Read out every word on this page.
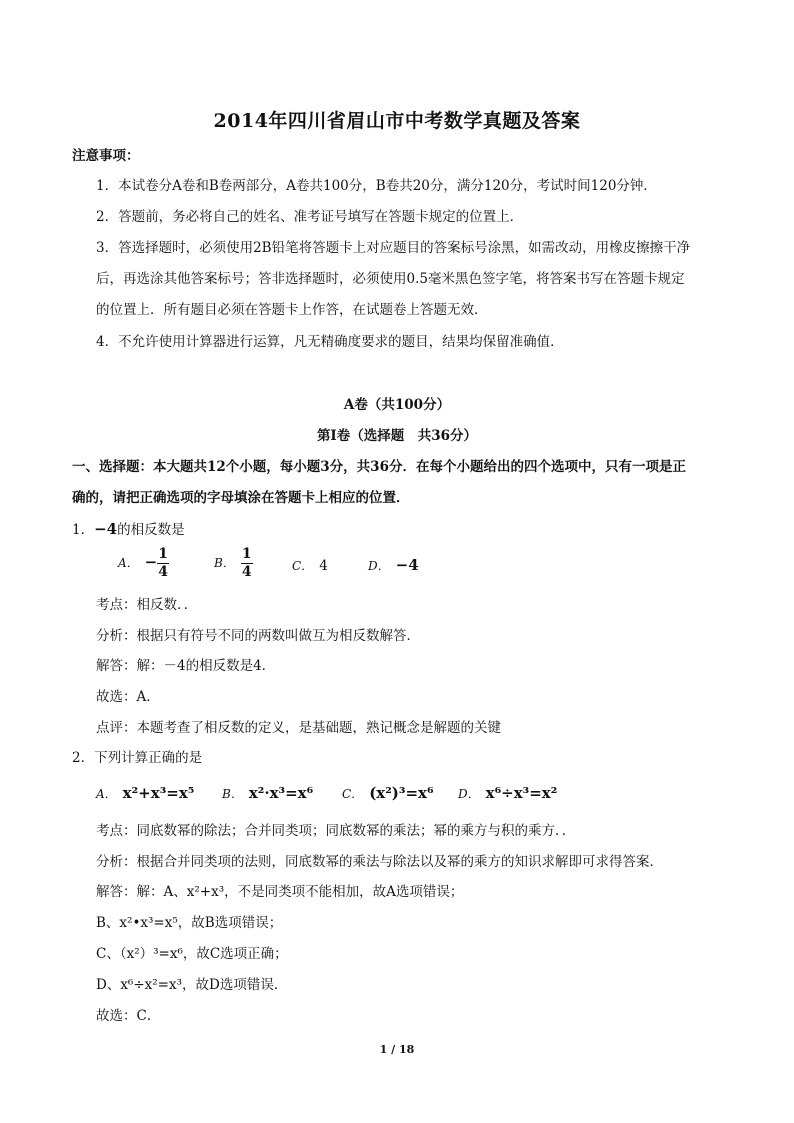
2014年四川省眉山市中考数学真题及答案
注意事项：
1．本试卷分A卷和B卷两部分，A卷共100分，B卷共20分，满分120分，考试时间120分钟．
2．答题前，务必将自己的姓名、准考证号填写在答题卡规定的位置上．
3．答选择题时，必须使用2B铅笔将答题卡上对应题目的答案标号涂黑，如需改动，用橡皮擦擦干净
后，再选涂其他答案标号；答非选择题时，必须使用0.5毫米黑色签字笔，将答案书写在答题卡规定
的位置上．所有题目必须在答题卡上作答，在试题卷上答题无效．
4．不允许使用计算器进行运算，凡无精确度要求的题目，结果均保留准确值．
A卷（共100分）
第Ⅰ卷（选择题　共36分）
一、选择题：本大题共12个小题，每小题3分，共36分．在每个小题给出的四个选项中，只有一项是正
确的，请把正确选项的字母填涂在答题卡上相应的位置．
1．−4的相反数是
A． − $\frac{1}{4}$	B． $\frac{1}{4}$	C． 4	D． −4
考点：相反数．．
分析：根据只有符号不同的两数叫做互为相反数解答．
解答：解：－4的相反数是4．
故选：A．
点评：本题考查了相反数的定义，是基础题，熟记概念是解题的关键
2．下列计算正确的是
A． x²+x³=x⁵ B． x²·x³=x⁶ C． (x²)³=x⁶ D． x⁶÷x³=x²
考点：同底数幂的除法；合并同类项；同底数幂的乘法；幂的乘方与积的乘方．．
分析：根据合并同类项的法则，同底数幂的乘法与除法以及幂的乘方的知识求解即可求得答案．
解答：解：A、x²+x³，不是同类项不能相加，故A选项错误；
B、x²•x³=x⁵，故B选项错误；
C、（x²）³=x⁶，故C选项正确；
D、x⁶÷x²=x³，故D选项错误．
故选：C．
1 / 18
